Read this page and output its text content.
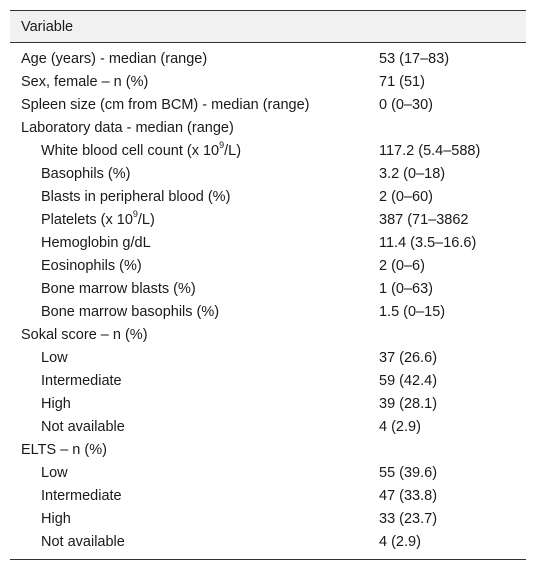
Variable	
Age (years) - median (range)	53 (17–83)
Sex, female – n (%)	71 (51)
Spleen size (cm from BCM) - median (range)	0 (0–30)
Laboratory data - median (range)	
White blood cell count (x $10^9/L$)	117.2 (5.4–588)
Basophils (%)	3.2 (0–18)
Blasts in peripheral blood (%)	2 (0–60)
Platelets (x $10^9/L$)	387 (71–3862
Hemoglobin g/dL	11.4 (3.5–16.6)
Eosinophils (%)	2 (0–6)
Bone marrow blasts (%)	1 (0–63)
Bone marrow basophils (%)	1.5 (0–15)
Sokal score – n (%)	
Low	37 (26.6)
Intermediate	59 (42.4)
High	39 (28.1)
Not available	4 (2.9)
ELTS – n (%)	
Low	55 (39.6)
Intermediate	47 (33.8)
High	33 (23.7)
Not available	4 (2.9)
